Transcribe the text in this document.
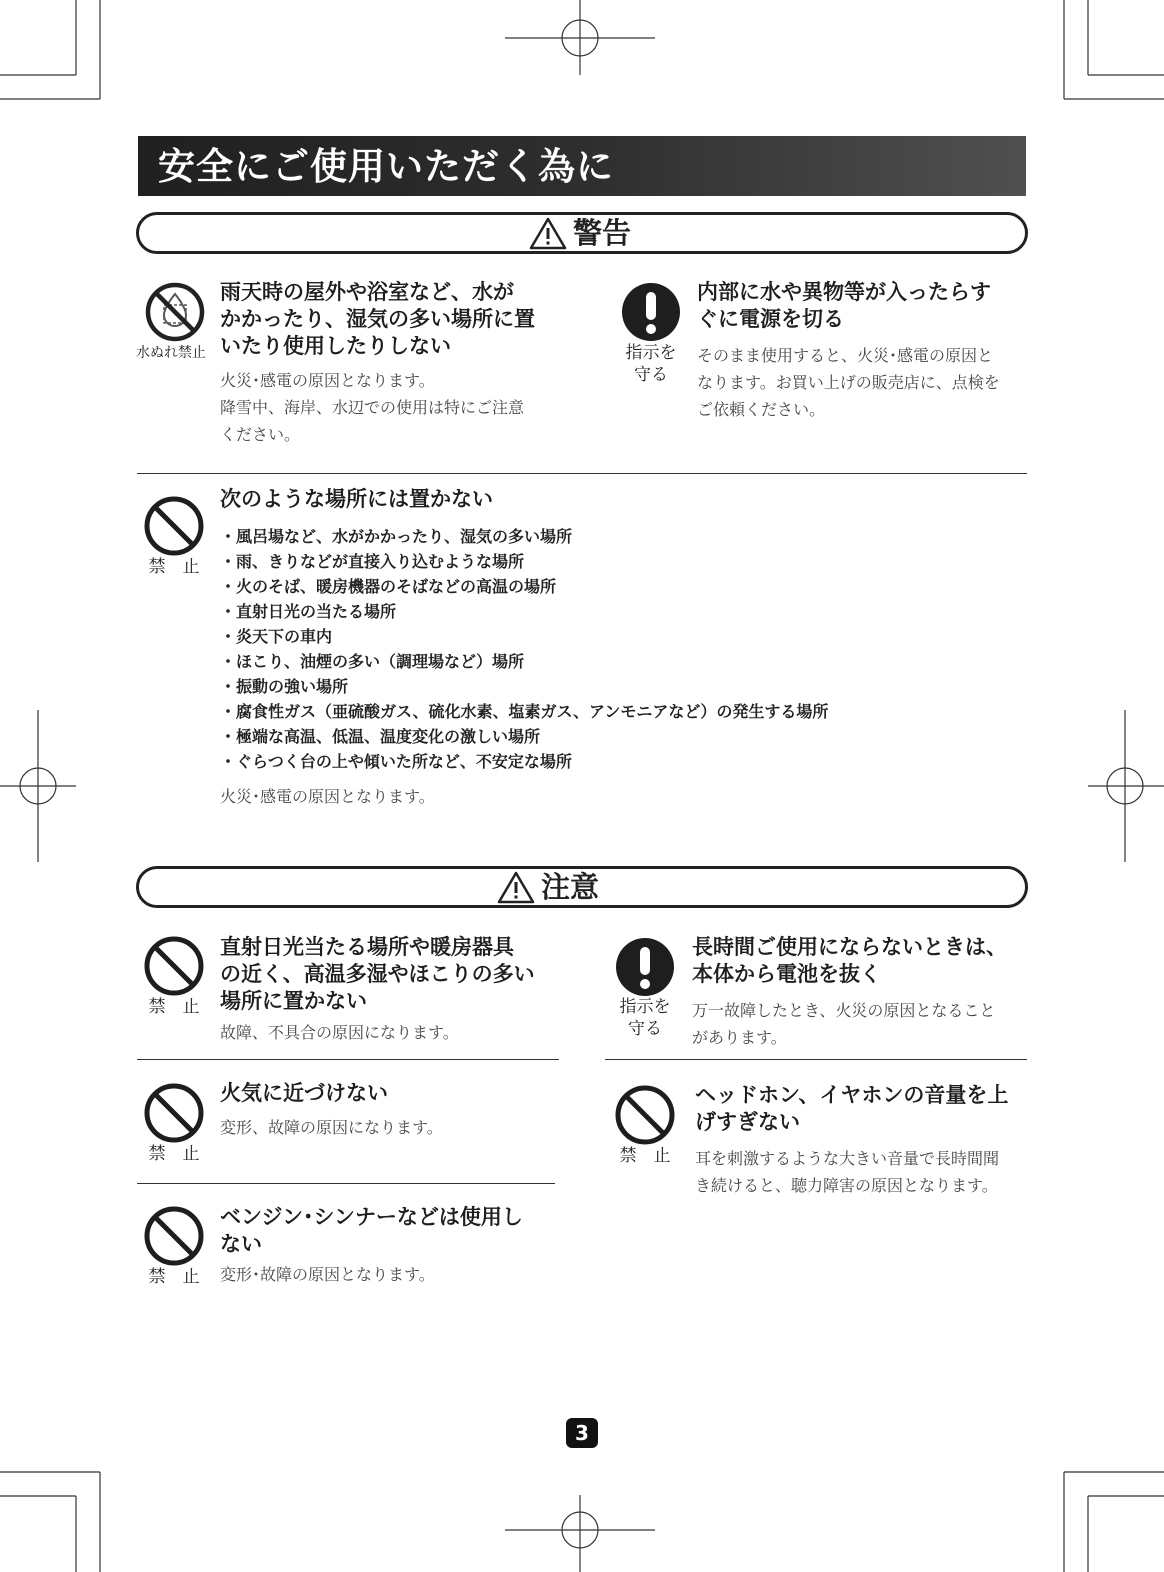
安全にご使用いただく為に
警告
水ぬれ禁止
雨天時の屋外や浴室など、水が
かかったり、湿気の多い場所に置
いたり使用したりしない
火災･感電の原因となります。
降雪中、海岸、水辺での使用は特にご注意
ください。
指示を
守る
内部に水や異物等が入ったらす
ぐに電源を切る
そのまま使用すると、火災･感電の原因と
なります。お買い上げの販売店に、点検を
ご依頼ください。
禁　止
次のような場所には置かない
・ 風呂場など、水がかかったり、湿気の多い場所
・ 雨、きりなどが直接入り込むような場所
・ 火のそば、暖房機器のそばなどの高温の場所
・ 直射日光の当たる場所
・ 炎天下の車内
・ ほこり、油煙の多い（調理場など）場所
・ 振動の強い場所
・ 腐食性ガス（亜硫酸ガス、硫化水素、塩素ガス、アンモニアなど）の発生する場所
・ 極端な高温、低温、温度変化の激しい場所
・ ぐらつく台の上や傾いた所など、不安定な場所
火災･感電の原因となります。
注意
禁　止
直射日光当たる場所や暖房器具
の近く、高温多湿やほこりの多い
場所に置かない
故障、不具合の原因になります。
指示を
守る
長時間ご使用にならないときは、
本体から電池を抜く
万一故障したとき、火災の原因となること
があります。
禁　止
火気に近づけない
変形、故障の原因になります。
禁　止
ヘッドホン、イヤホンの音量を上
げすぎない
耳を刺激するような大きい音量で長時間聞
き続けると、聴力障害の原因となります。
禁　止
ベンジン･シンナーなどは使用し
ない
変形･故障の原因となります。
3
